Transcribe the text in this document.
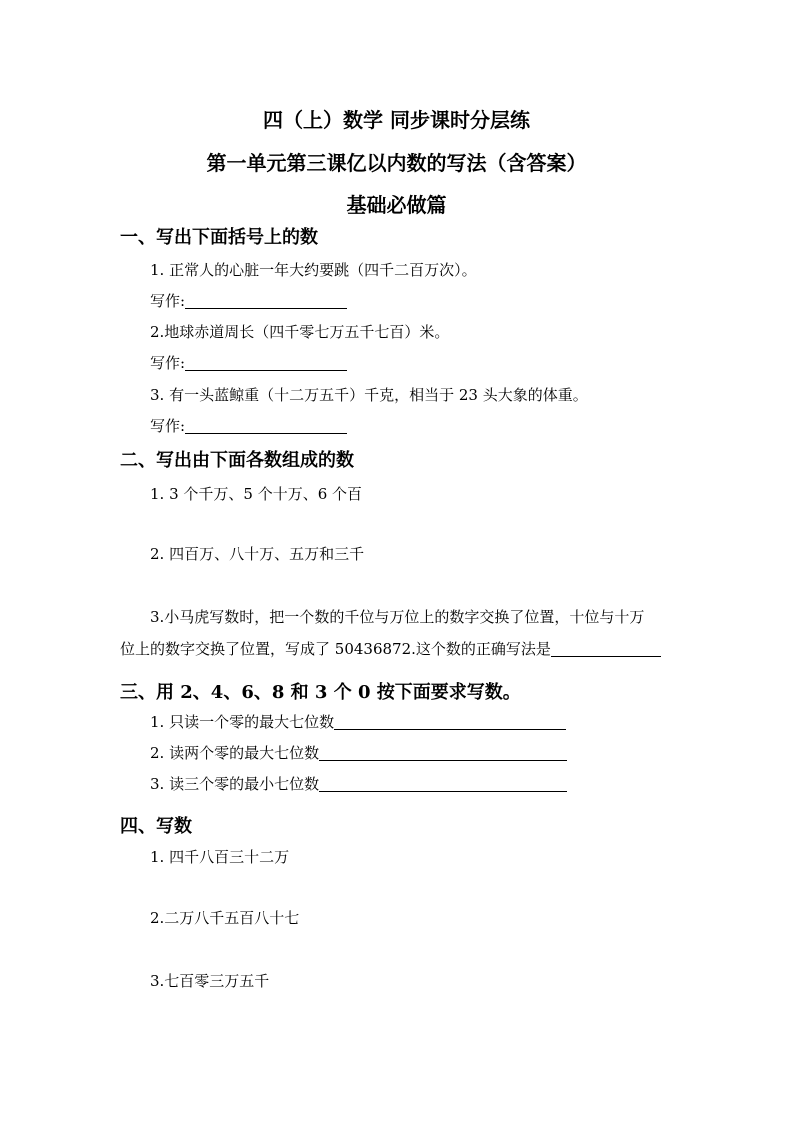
四（上）数学 同步课时分层练
第一单元第三课亿以内数的写法（含答案）
基础必做篇
一、写出下面括号上的数
1. 正常人的心脏一年大约要跳（四千二百万次）。
写作:
2.地球赤道周长（四千零七万五千七百）米。
写作:
3. 有一头蓝鲸重（十二万五千）千克，相当于 23 头大象的体重。
写作:
二、写出由下面各数组成的数
1. 3 个千万、5 个十万、6 个百
2. 四百万、八十万、五万和三千
3.小马虎写数时，把一个数的千位与万位上的数字交换了位置，十位与十万
位上的数字交换了位置，写成了 50436872.这个数的正确写法是
三、用 2、4、6、8 和 3 个 0 按下面要求写数。
1. 只读一个零的最大七位数
2. 读两个零的最大七位数
3. 读三个零的最小七位数
四、写数
1. 四千八百三十二万
2.二万八千五百八十七
3.七百零三万五千
